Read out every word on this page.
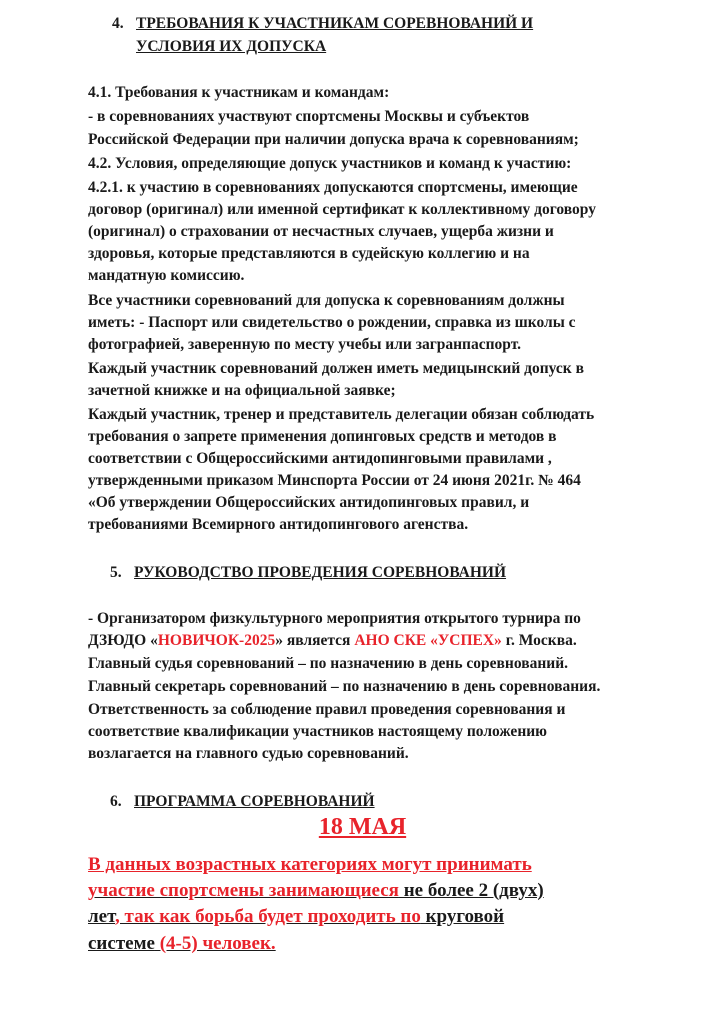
4. ТРЕБОВАНИЯ К УЧАСТНИКАМ СОРЕВНОВАНИЙ И
УСЛОВИЯ ИХ ДОПУСКА
4.1. Требования к участникам и командам:
- в соревнованиях участвуют спортсмены Москвы и субъектов
Российской Федерации при наличии допуска врача к соревнованиям;
4.2. Условия, определяющие допуск участников и команд к участию:
4.2.1. к участию в соревнованиях допускаются спортсмены, имеющие
договор (оригинал) или именной сертификат к коллективному договору
(оригинал) о страховании от несчастных случаев, ущерба жизни и
здоровья, которые представляются в судейскую коллегию и на
мандатную комиссию.
Все участники соревнований для допуска к соревнованиям должны
иметь: - Паспорт или свидетельство о рождении, справка из школы с
фотографией, заверенную по месту учебы или загранпаспорт.
Каждый участник соревнований должен иметь медицынский допуск в
зачетной книжке и на официальной заявке;
Каждый участник, тренер и представитель делегации обязан соблюдать
требования о запрете применения допинговых средств и методов в
соответствии с Общероссийскими антидопинговыми правилами ,
утвержденными приказом Минспорта России от 24 июня 2021г. № 464
«Об утверждении Общероссийских антидопинговых правил, и
требованиями Всемирного антидопингового агенства.
5. РУКОВОДСТВО ПРОВЕДЕНИЯ СОРЕВНОВАНИЙ
- Организатором физкультурного мероприятия открытого турнира по
ДЗЮДО «НОВИЧОК-2025» является АНО СКЕ «УСПЕХ» г. Москва.
Главный судья соревнований – по назначению в день соревнований.
Главный секретарь соревнований – по назначению в день соревнования.
Ответственность за соблюдение правил проведения соревнования и
соответствие квалификации участников настоящему положению
возлагается на главного судью соревнований.
6. ПРОГРАММА СОРЕВНОВАНИЙ
18 МАЯ
В данных возрастных категориях могут принимать
участие спортсмены занимающиеся не более 2 (двух)
лет, так как борьба будет проходить по круговой
системе (4-5) человек.
